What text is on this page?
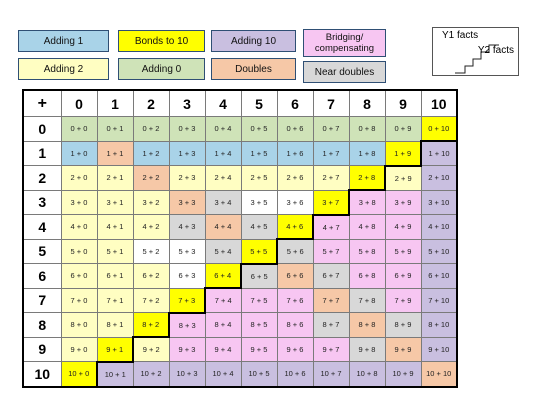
Adding 1	Bonds to 10	Adding 10	Bridging/ compensating
Adding 2	Adding 0	Doubles	Near doubles
Y1 facts
Y2 facts
+	0	1	2	3	4	5	6	7	8	9	10
0	0 + 0	0 + 1	0 + 2	0 + 3	0 + 4	0 + 5	0 + 6	0 + 7	0 + 8	0 + 9	0 + 10
1	1 + 0	1 + 1	1 + 2	1 + 3	1 + 4	1 + 5	1 + 6	1 + 7	1 + 8	1 + 9	1 + 10
2	2 + 0	2 + 1	2 + 2	2 + 3	2 + 4	2 + 5	2 + 6	2 + 7	2 + 8	2 + 9	2 + 10
3	3 + 0	3 + 1	3 + 2	3 + 3	3 + 4	3 + 5	3 + 6	3 + 7	3 + 8	3 + 9	3 + 10
4	4 + 0	4 + 1	4 + 2	4 + 3	4 + 4	4 + 5	4 + 6	4 + 7	4 + 8	4 + 9	4 + 10
5	5 + 0	5 + 1	5 + 2	5 + 3	5 + 4	5 + 5	5 + 6	5 + 7	5 + 8	5 + 9	5 + 10
6	6 + 0	6 + 1	6 + 2	6 + 3	6 + 4	6 + 5	6 + 6	6 + 7	6 + 8	6 + 9	6 + 10
7	7 + 0	7 + 1	7 + 2	7 + 3	7 + 4	7 + 5	7 + 6	7 + 7	7 + 8	7 + 9	7 + 10
8	8 + 0	8 + 1	8 + 2	8 + 3	8 + 4	8 + 5	8 + 6	8 + 7	8 + 8	8 + 9	8 + 10
9	9 + 0	9 + 1	9 + 2	9 + 3	9 + 4	9 + 5	9 + 6	9 + 7	9 + 8	9 + 9	9 + 10
10	10 + 0	10 + 1	10 + 2	10 + 3	10 + 4	10 + 5	10 + 6	10 + 7	10 + 8	10 + 9	10 + 10
